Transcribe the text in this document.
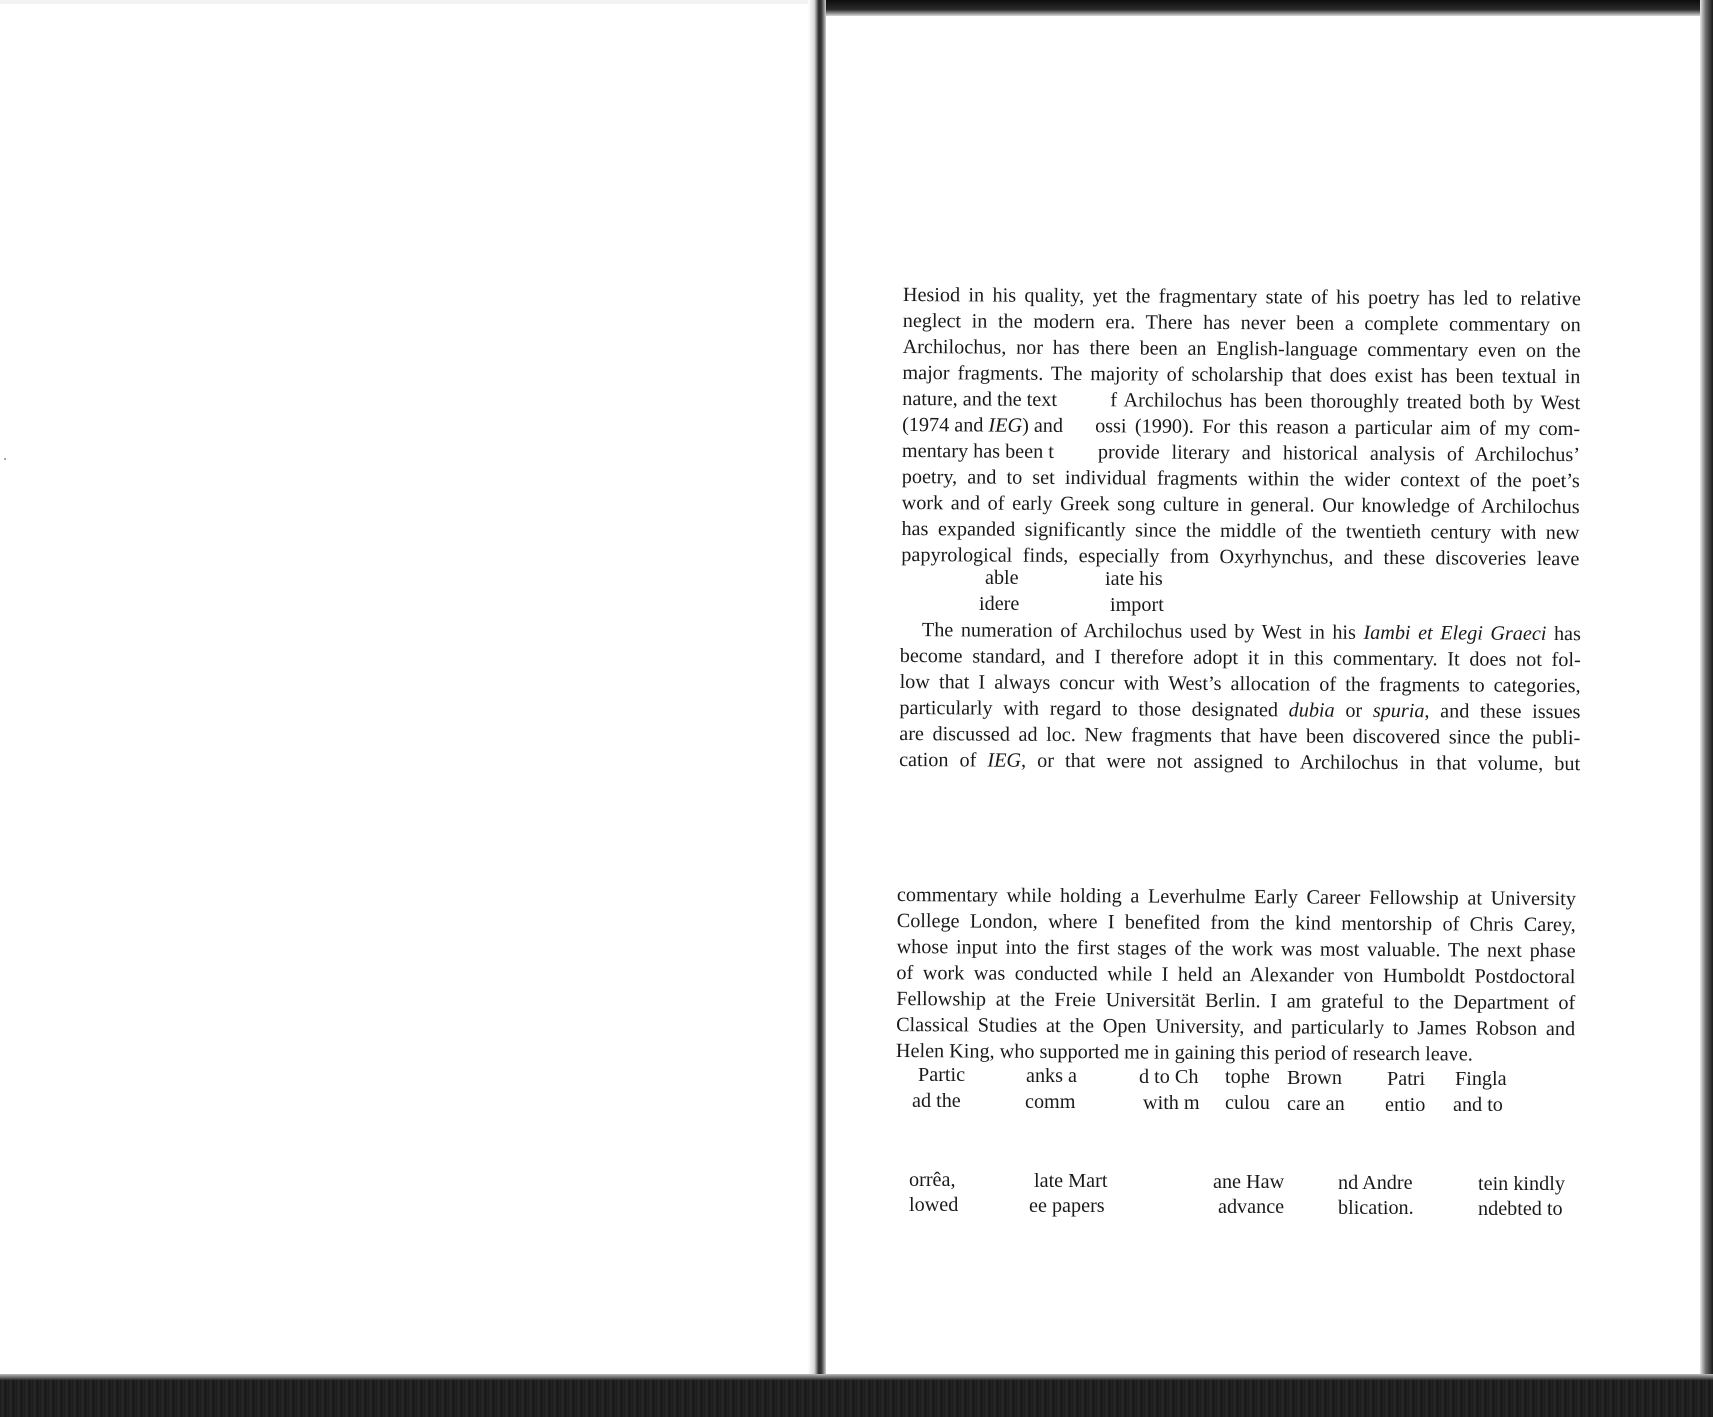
Hesiod in his quality, yet the fragmentary state of his poetry has led to relative
neglect in the modern era. There has never been a complete commentary on
Archilochus, nor has there been an English-language commentary even on the
major fragments. The majority of scholarship that does exist has been textual in
nature, and the text	f Archilochus has been thoroughly treated both by West
(1974 and IEG) and ossi (1990). For this reason a particular aim of my com-
mentary has been t provide literary and historical analysis of Archilochus’
poetry, and to set individual fragments within the wider context of the poet’s
work and of early Greek song culture in general. Our knowledge of Archilochus
has expanded significantly since the middle of the twentieth century with new
papyrological finds, especially from Oxyrhynchus, and these discoveries leave
able	iate his
idere	import
The numeration of Archilochus used by West in his Iambi et Elegi Graeci has
become standard, and I therefore adopt it in this commentary. It does not fol-
low that I always concur with West’s allocation of the fragments to categories,
particularly with regard to those designated dubia or spuria, and these issues
are discussed ad loc. New fragments that have been discovered since the publi-
cation of IEG, or that were not assigned to Archilochus in that volume, but
commentary while holding a Leverhulme Early Career Fellowship at University
College London, where I benefited from the kind mentorship of Chris Carey,
whose input into the first stages of the work was most valuable. The next phase
of work was conducted while I held an Alexander von Humboldt Postdoctoral
Fellowship at the Freie Universität Berlin. I am grateful to the Department of
Classical Studies at the Open University, and particularly to James Robson and
Helen King, who supported me in gaining this period of research leave.
Partic	anks a	d to Ch tophe Brown Patri Fingla
ad the	comm	with m culou care an entio and to
orrêa,	late Mart	ane Haw	nd Andre	tein kindly
lowed	ee papers	advance	blication.	ndebted to
